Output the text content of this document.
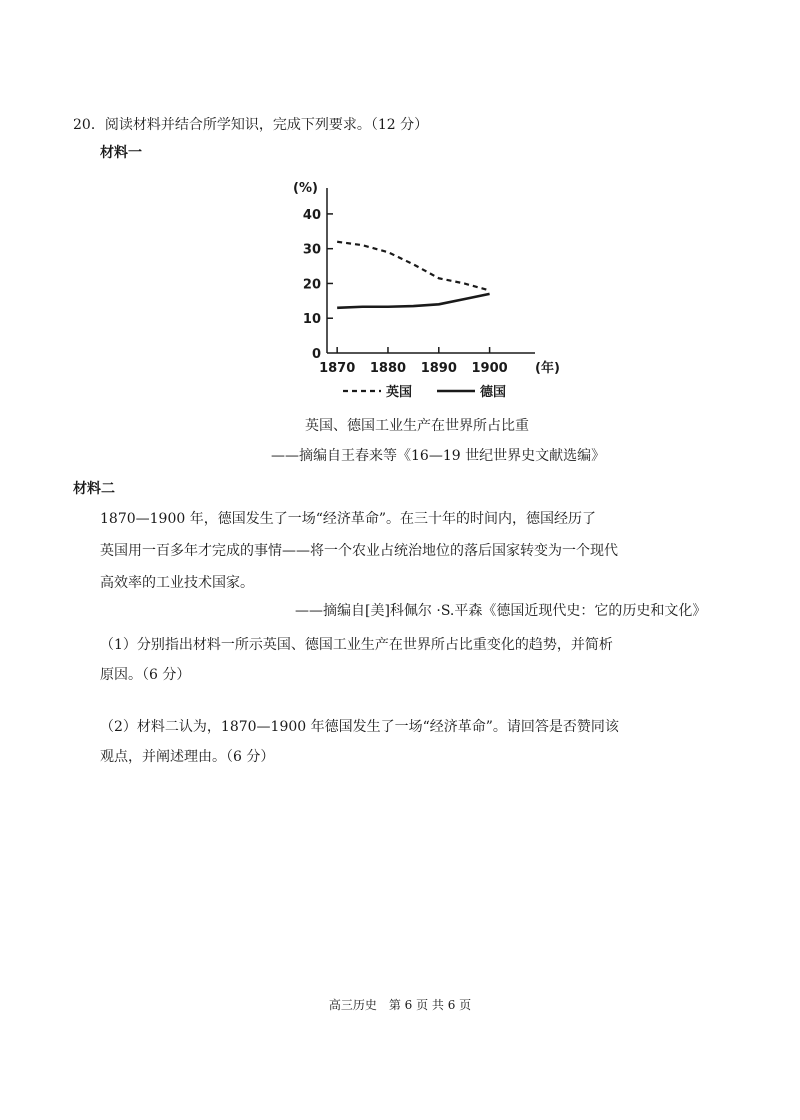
20．阅读材料并结合所学知识，完成下列要求。（12 分）
材料一
0
10
20
30
40
(%)
1870 1880 1890 1900 (年)
英国	德国
英国、德国工业生产在世界所占比重
——摘编自王春来等《16—19 世纪世界史文献选编》
材料二
1870—1900 年，德国发生了一场“经济革命”。在三十年的时间内，德国经历了
英国用一百多年才完成的事情——将一个农业占统治地位的落后国家转变为一个现代
高效率的工业技术国家。
——摘编自[美]科佩尔 ·S.平森《德国近现代史：它的历史和文化》
（1）分别指出材料一所示英国、德国工业生产在世界所占比重变化的趋势，并简析原因。（6 分）
（2）材料二认为，1870—1900 年德国发生了一场“经济革命”。请回答是否赞同该观点，并阐述理由。（6 分）
高三历史　第 6 页 共 6 页
